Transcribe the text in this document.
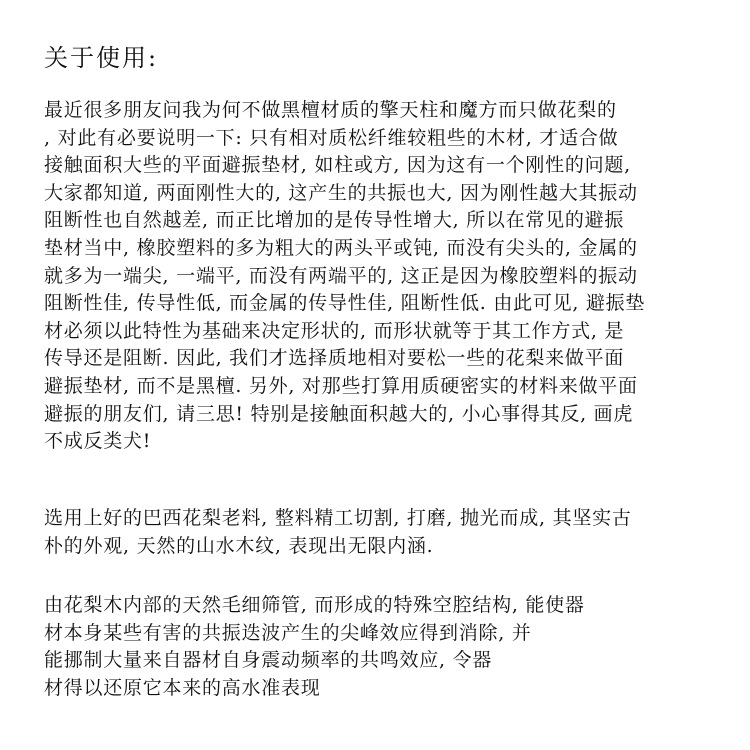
关于使用:
最近很多朋友问我为何不做黑檀材质的擎天柱和魔方而只做花梨的
, 对此有必要说明一下: 只有相对质松纤维较粗些的木材, 才适合做
接触面积大些的平面避振垫材, 如柱或方, 因为这有一个刚性的问题,
大家都知道, 两面刚性大的, 这产生的共振也大, 因为刚性越大其振动
阻断性也自然越差, 而正比增加的是传导性增大, 所以在常见的避振
垫材当中, 橡胶塑料的多为粗大的两头平或钝, 而没有尖头的, 金属的
就多为一端尖, 一端平, 而没有两端平的, 这正是因为橡胶塑料的振动
阻断性佳, 传导性低, 而金属的传导性佳, 阻断性低. 由此可见, 避振垫
材必须以此特性为基础来决定形状的, 而形状就等于其工作方式, 是
传导还是阻断. 因此, 我们才选择质地相对要松一些的花梨来做平面
避振垫材, 而不是黑檀. 另外, 对那些打算用质硬密实的材料来做平面
避振的朋友们, 请三思! 特别是接触面积越大的, 小心事得其反, 画虎
不成反类犬!
选用上好的巴西花梨老料, 整料精工切割, 打磨, 抛光而成, 其坚实古
朴的外观, 天然的山水木纹, 表现出无限内涵.
由花梨木内部的天然毛细筛管, 而形成的特殊空腔结构, 能使器
材本身某些有害的共振迭波产生的尖峰效应得到消除, 并
能挪制大量来自器材自身震动频率的共鸣效应, 令器
材得以还原它本来的高水准表现
